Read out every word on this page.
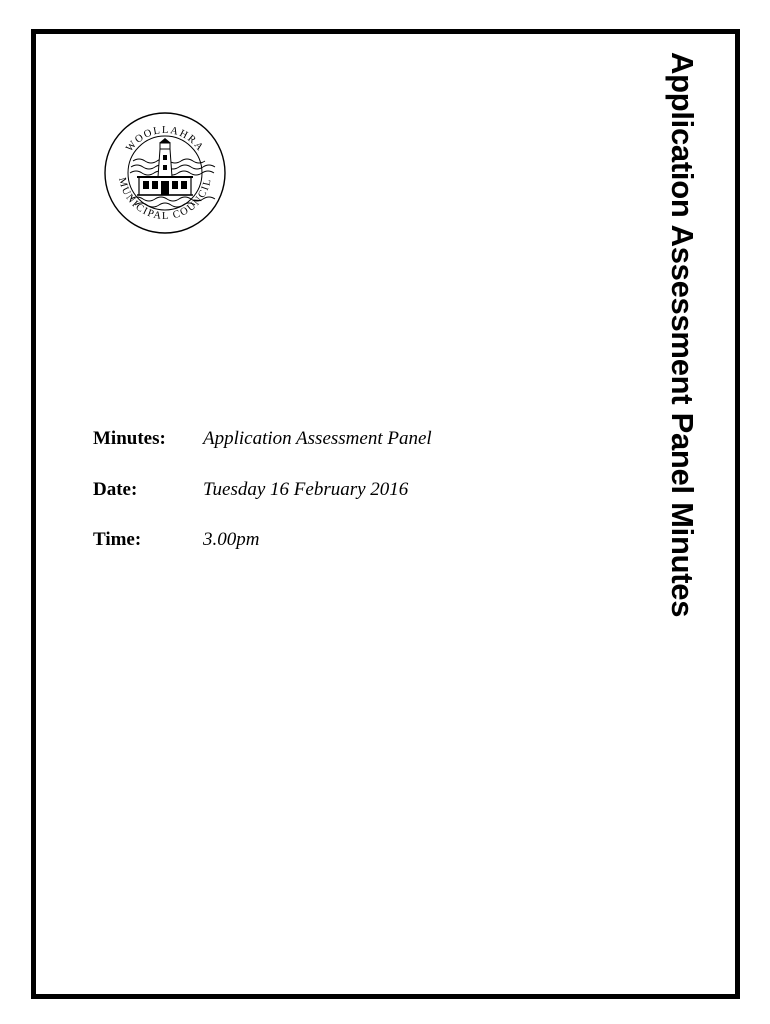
WOOLLAHRA
MUNICIPAL COUNCIL	Application Assessment Panel Minutes
Minutes: Application Assessment Panel
Date:	Tuesday 16 February 2016
Time:	3.00pm
